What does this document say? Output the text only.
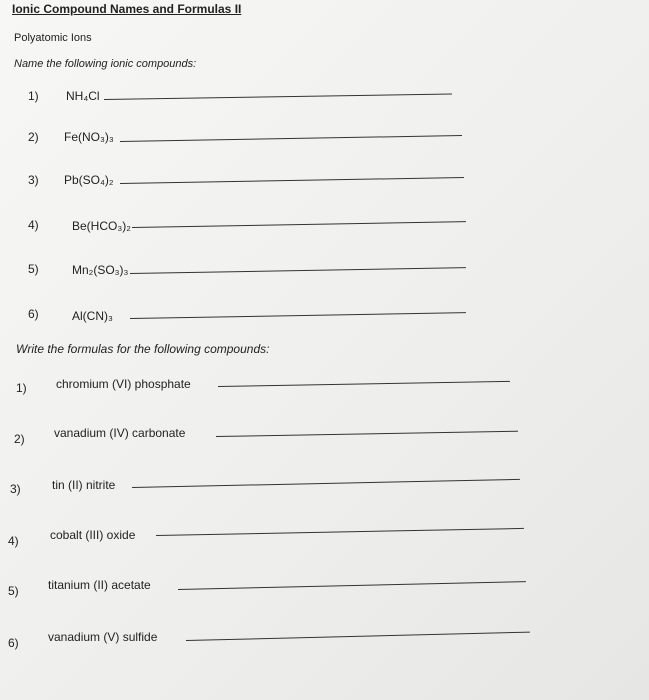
Ionic Compound Names and Formulas II
Polyatomic Ions
Name the following ionic compounds:
1) NH₄Cl
2) Fe(NO₃)₃
3) Pb(SO₄)₂
4)	Be(HCO₃)₂
5)	Mn₂(SO₃)₃
6)	Al(CN)₃
Write the formulas for the following compounds:
1) chromium (VI) phosphate
2) vanadium (IV) carbonate
3)	tin (II) nitrite
4)	cobalt (III) oxide
5) titanium (II) acetate
6) vanadium (V) sulfide
